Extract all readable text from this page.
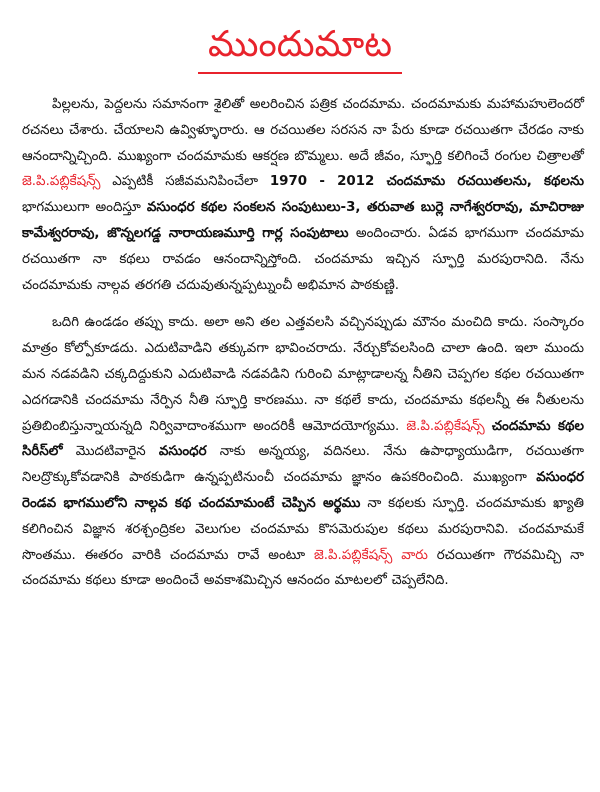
ముందుమాట

పిల్లలను, పెద్దలను సమానంగా శైలితో అలరించిన పత్రిక చందమామ. చందమామకు మహామహులెందరో రచనలు చేశారు. చేయాలని ఉవ్విళ్ళూరారు. ఆ రచయితల సరసన నా పేరు కూడా రచయితగా చేరడం నాకు ఆనందాన్నిచ్చింది. ముఖ్యంగా చందమామకు ఆకర్షణ బొమ్మలు. అదే జీవం, స్ఫూర్తి కలిగించే రంగుల చిత్రాలతో జె.పి.పబ్లికేషన్స్ ఎప్పటికీ సజీవమనిపించేలా 1970 - 2012 చందమామ రచయితలను, కథలను భాగములుగా అందిస్తూ వసుంధర కథల సంకలన సంపుటులు-3, తరువాత బుర్లె నాగేశ్వరరావు, మాచిరాజు కామేశ్వరరావు, జొన్నలగడ్డ నారాయణమూర్తి గార్ల సంపుటాలు అందించారు. ఏడవ భాగముగా చందమామ రచయితగా నా కథలు రావడం ఆనందాన్నిస్తోంది. చందమామ ఇచ్చిన స్ఫూర్తి మరపురానిది. నేను చందమామకు నాల్గవ తరగతి చదువుతున్నప్పట్నుంచీ అభిమాన పాఠకుణ్ణి.

ఒదిగి ఉండడం తప్పు కాదు. అలా అని తల ఎత్తవలసి వచ్చినప్పుడు మౌనం మంచిది కాదు. సంస్కారం మాత్రం కోల్పోకూడదు. ఎదుటివాడిని తక్కువగా భావించరాదు. నేర్చుకోవలసింది చాలా ఉంది. ఇలా ముందు మన నడవడిని చక్కదిద్దుకుని ఎదుటివాడి నడవడిని గురించి మాట్లాడాలన్న నీతిని చెప్పగల కథల రచయితగా ఎదగడానికి చందమామ నేర్పిన నీతి స్ఫూర్తి కారణము. నా కథలే కాదు, చందమామ కథలన్నీ ఈ నీతులను ప్రతిబింబిస్తున్నాయన్నది నిర్వివాదాంశముగా అందరికీ ఆమోదయోగ్యము. జె.పి.పబ్లికేషన్స్ చందమామ కథల సిరీస్‌లో మొదటివారైన వసుంధర నాకు అన్నయ్య, వదినలు. నేను ఉపాధ్యాయుడిగా, రచయితగా నిలద్రొక్కుకోవడానికి పాఠకుడిగా ఉన్నప్పటినుంచీ చందమామ జ్ఞానం ఉపకరించింది. ముఖ్యంగా వసుంధర రెండవ భాగములోని నాల్గవ కథ చందమామంటే చెప్పిన అర్థము నా కథలకు స్ఫూర్తి. చందమామకు ఖ్యాతి కలిగించిన విజ్ఞాన శరశ్చంద్రికల వెలుగుల చందమామ కొసమెరుపుల కథలు మరపురానివి. చందమామకే సొంతము. ఈతరం వారికి చందమామ రావే అంటూ జె.పి.పబ్లికేషన్స్ వారు రచయితగా గౌరవమిచ్చి నా చందమామ కథలు కూడా అందించే అవకాశమిచ్చిన ఆనందం మాటలలో చెప్పలేనిది.
